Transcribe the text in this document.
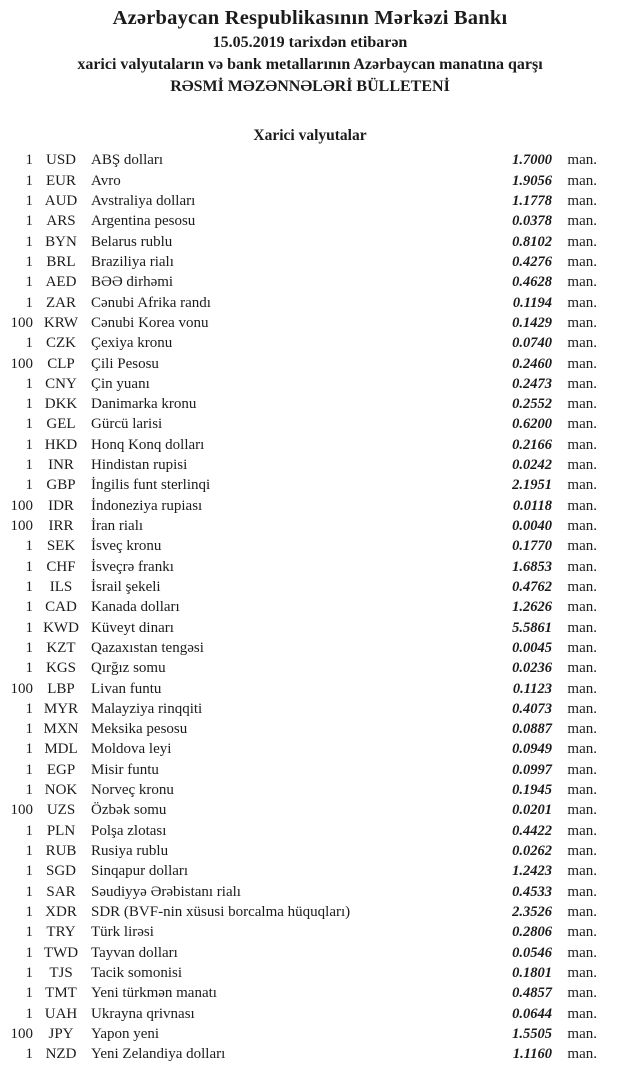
Azərbaycan Respublikasının Mərkəzi Bankı

15.05.2019 tarixdən etibarən

xarici valyutaların və bank metallarının Azərbaycan manatına qarşı

RƏSMİ MƏZƏNNƏLƏRİ BÜLLETENİ

Xarici valyutalar
1 USD	ABŞ dolları	1.7000	man.
1 EUR	Avro	1.9056	man.
1 AUD Avstraliya dolları	1.1778	man.
1 ARS	Argentina pesosu	0.0378	man.
1 BYN Belarus rublu	0.8102	man.
1 BRL	Braziliya rialı	0.4276	man.
1 AED BƏƏ dirhəmi	0.4628	man.
1 ZAR	Cənubi Afrika randı	0.1194	man.
100 KRW Cənubi Korea vonu	0.1429	man.
1 CZK	Çexiya kronu	0.0740	man.
100 CLP	Çili Pesosu	0.2460	man.
1 CNY Çin yuanı	0.2473	man.
1 DKK Danimarka kronu	0.2552	man.
1 GEL	Gürcü larisi	0.6200	man.
1 HKD Honq Konq dolları	0.2166	man.
1	INR	Hindistan rupisi	0.0242	man.
1 GBP	İngilis funt sterlinqi	2.1951	man.
100	IDR	İndoneziya rupiası	0.0118	man.
100	IRR	İran rialı	0.0040	man.
1 SEK	İsveç kronu	0.1770	man.
1 CHF	İsveçrə frankı	1.6853	man.
1	ILS	İsrail şekeli	0.4762	man.
1 CAD Kanada dolları	1.2626	man.
1 KWD Küveyt dinarı	5.5861	man.
1 KZT	Qazaxıstan tengəsi	0.0045	man.
1 KGS	Qırğız somu	0.0236	man.
100 LBP	Livan funtu	0.1123	man.
1 MYR Malayziya rinqqiti	0.4073	man.
1 MXN Meksika pesosu	0.0887	man.
1 MDL Moldova leyi	0.0949	man.
1 EGP	Misir funtu	0.0997	man.
1 NOK Norveç kronu	0.1945	man.
100 UZS	Özbək somu	0.0201	man.
1 PLN	Polşa zlotası	0.4422	man.
1 RUB Rusiya rublu	0.0262	man.
1 SGD	Sinqapur dolları	1.2423	man.
1 SAR	Səudiyyə Ərəbistanı rialı	0.4533	man.
1 XDR SDR (BVF-nin xüsusi borcalma hüquqları)	2.3526	man.
1 TRY	Türk lirəsi	0.2806	man.
1 TWD Tayvan dolları	0.0546	man.
1	TJS	Tacik somonisi	0.1801	man.
1 TMT Yeni türkmən manatı	0.4857	man.
1 UAH Ukrayna qrivnası	0.0644	man.
100	JPY	Yapon yeni	1.5505	man.
1 NZD Yeni Zelandiya dolları	1.1160	man.
